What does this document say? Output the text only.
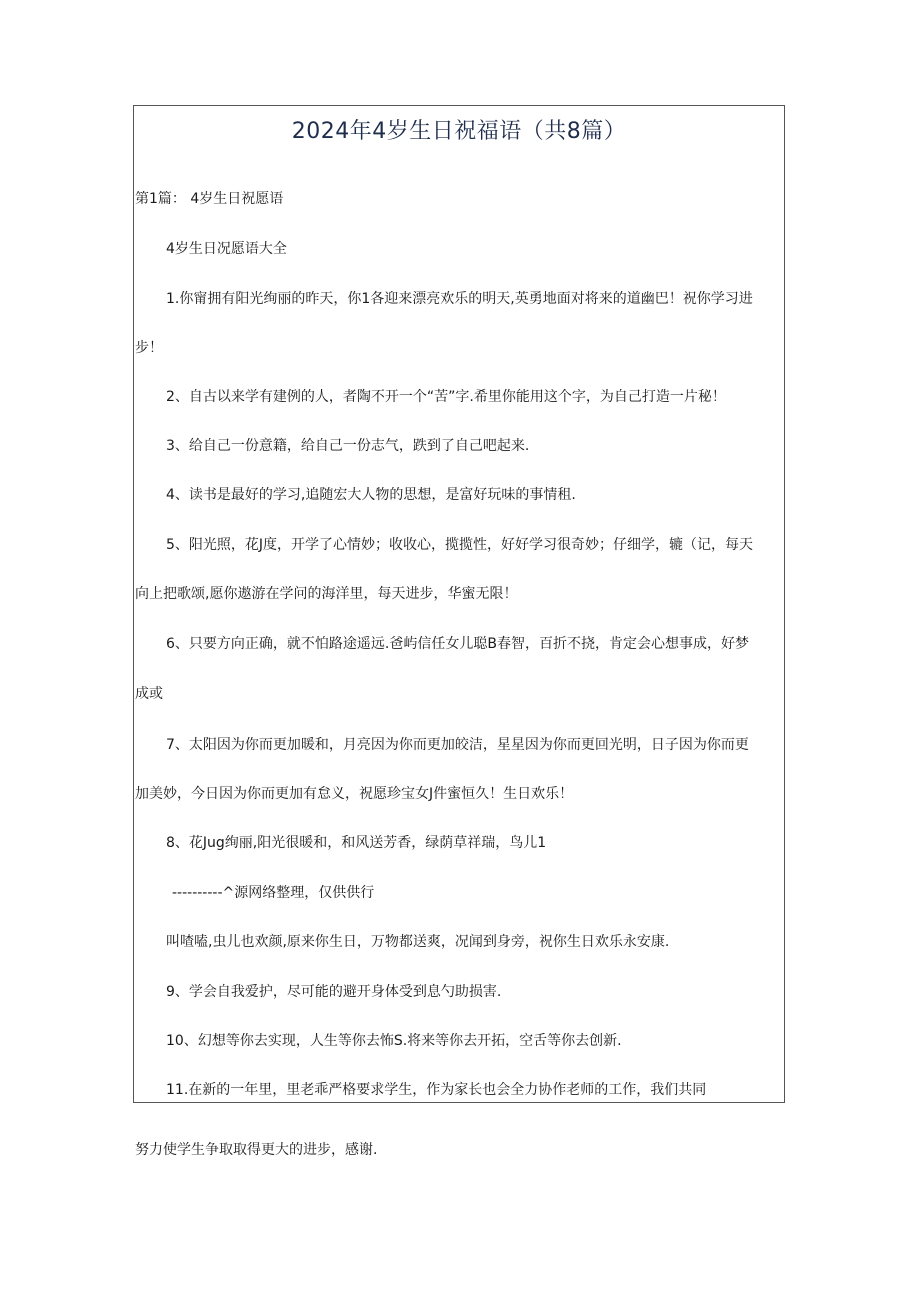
2024年4岁生日祝福语（共8篇）
第1篇： 4岁生日祝愿语
4岁生日况愿语大全
1.你甯拥有阳光绚丽的昨天，你1各迎来漂亮欢乐的明天,英勇地面对将来的道幽巴！祝你学习进
步！
2、自古以来学有建例的人，者陶不开一个“苦”字.希里你能用这个字，为自己打造一片秘！
3、给自己一份意籍，给自己一份志气，跌到了自己吧起来.
4、读书是最好的学习,追随宏大人物的思想，是富好玩味的事情租.
5、阳光照，花J度，开学了心情妙；收收心，揽揽性，好好学习很奇妙；仔细学，辘（记，每天
向上把歌颂,愿你遨游在学问的海洋里，每天进步，华蜜无限！
6、只要方向正确，就不怕路途遥远.爸屿信任女儿聪B春智，百折不挠，肯定会心想事成，好梦
成或
7、太阳因为你而更加暖和，月亮因为你而更加皎洁，星星因为你而更回光明，日子因为你而更
加美妙，今日因为你而更加有怠义，祝愿珍宝女J件蜜恒久！生日欢乐！
8、花Jug绚丽,阳光很暖和，和风送芳香，绿荫草祥瑞，鸟儿1
----------^源网络整理，仅供供行
叫喳嗑,虫儿也欢颜,原来你生日，万物都送爽，况闻到身旁，祝你生日欢乐永安康.
9、学会自我爱护，尽可能的避开身体受到息勺助损害.
10、幻想等你去实现，人生等你去怖S.将来等你去开拓，空舌等你去创新.
11.在新的一年里，里老乖严格要求学生，作为家长也会全力协作老师的工作，我们共同
努力使学生争取取得更大的进步，感谢.
